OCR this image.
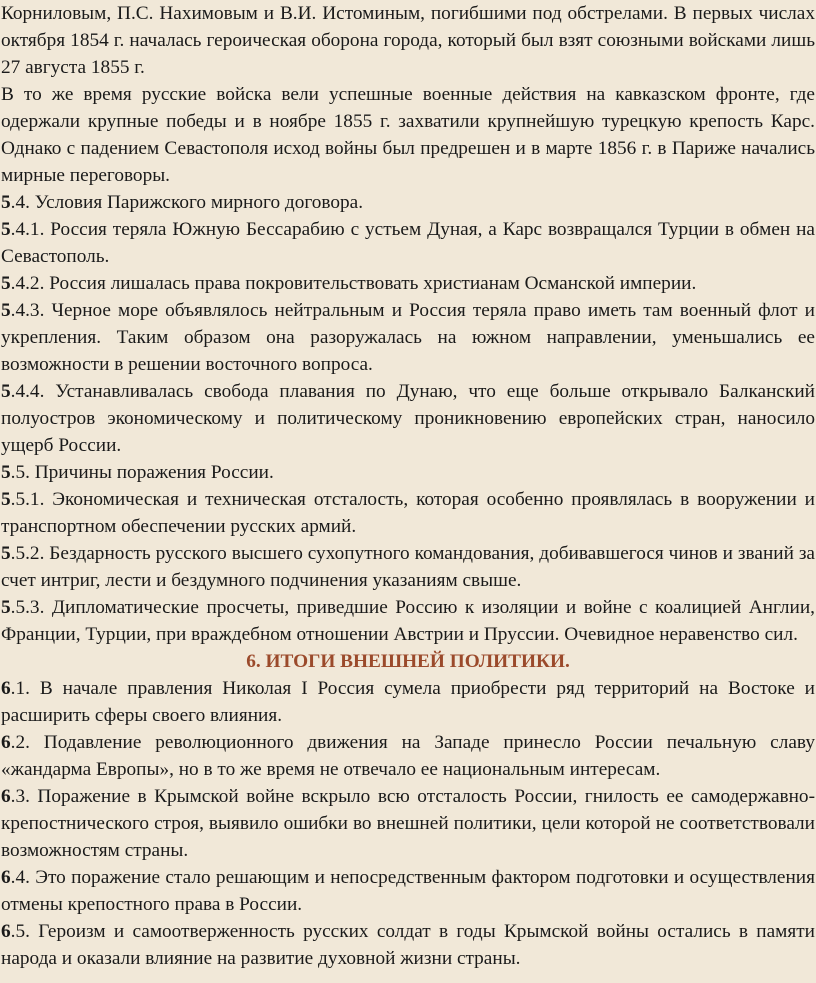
Корниловым, П.С. Нахимовым и В.И. Истоминым, погибшими под обстрелами. В первых числах октября 1854 г. началась героическая оборона города, который был взят союзными войсками лишь 27 августа 1855 г.

В то же время русские войска вели успешные военные действия на кавказском фронте, где одержали крупные победы и в ноябре 1855 г. захватили крупнейшую турецкую крепость Карс. Однако с падением Севастополя исход войны был предрешен и в марте 1856 г. в Париже начались мирные переговоры.

5.4. Условия Парижского мирного договора.

5.4.1. Россия теряла Южную Бессарабию с устьем Дуная, а Карс возвращался Турции в обмен на Севастополь.

5.4.2. Россия лишалась права покровительствовать христианам Османской империи.

5.4.3. Черное море объявлялось нейтральным и Россия теряла право иметь там военный флот и укрепления. Таким образом она разоружалась на южном направлении, уменьшались ее возможности в решении восточного вопроса.

5.4.4. Устанавливалась свобода плавания по Дунаю, что еще больше открывало Балканский полуостров экономическому и политическому проникновению европейских стран, наносило ущерб России.

5.5. Причины поражения России.

5.5.1. Экономическая и техническая отсталость, которая особенно проявлялась в вооружении и транспортном обеспечении русских армий.

5.5.2. Бездарность русского высшего сухопутного командования, добивавшегося чинов и званий за счет интриг, лести и бездумного подчинения указаниям свыше.

5.5.3. Дипломатические просчеты, приведшие Россию к изоляции и войне с коалицией Англии, Франции, Турции, при враждебном отношении Австрии и Пруссии. Очевидное неравенство сил.

6. ИТОГИ ВНЕШНЕЙ ПОЛИТИКИ.

6.1. В начале правления Николая I Россия сумела приобрести ряд территорий на Востоке и расширить сферы своего влияния.

6.2. Подавление революционного движения на Западе принесло России печальную славу «жандарма Европы», но в то же время не отвечало ее национальным интересам.

6.3. Поражение в Крымской войне вскрыло всю отсталость России, гнилость ее самодержавно-крепостнического строя, выявило ошибки во внешней политики, цели которой не соответствовали возможностям страны.

6.4. Это поражение стало решающим и непосредственным фактором подготовки и осуществления отмены крепостного права в России.

6.5. Героизм и самоотверженность русских солдат в годы Крымской войны остались в памяти народа и оказали влияние на развитие духовной жизни страны.
